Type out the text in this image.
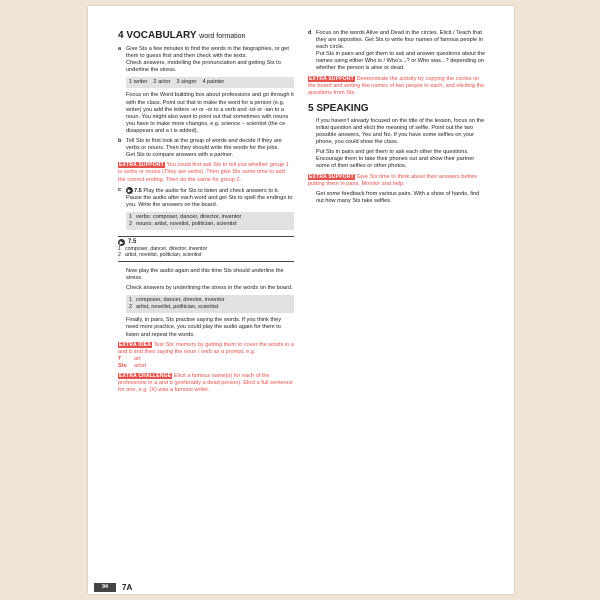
4 VOCABULARY word formation
a Give Sts a few minutes to find the words in the biographies, or get them to guess first and then check with the texts.
Check answers, modelling the pronunciation and getting Sts to underline the stress.
1 writer 2 actor 3 singer 4 painter
Focus on the Word building box about professions and go through it with the class. Point out that to make the word for a person (e.g. writer) you add the letters -er or -or to a verb and -ist or -ian to a noun. You might also want to point out that sometimes with nouns you have to make more changes, e.g. science – scientist (the ce disappears and a t is added).
b Tell Sts to first look at the group of words and decide if they are verbs or nouns. Then they should write the words for the jobs.
Get Sts to compare answers with a partner.
EXTRA SUPPORT You could first ask Sts to tell you whether group 1 is verbs or nouns (They are verbs). Then give Sts some time to add the correct ending. Then do the same for group 2.
c	▶ 7.5 Play the audio for Sts to listen and check answers to b. Pause the audio after each word and get Sts to spell the endings to you. Write the answers on the board.
1 verbs: composer, dancer, director, inventor
2 nouns: artist, novelist, politician, scientist
▶ 7.5
1 composer, dancer, director, inventor
2 artist, novelist, politician, scientist
Now play the audio again and this time Sts should underline the stress.
Check answers by underlining the stress in the words on the board.
1 composer, dancer, director, inventor
2 artist, novelist, politician, scientist
Finally, in pairs, Sts practise saying the words. If you think they need more practice, you could play the audio again for them to listen and repeat the words.
EXTRA IDEA Test Sts' memory by getting them to cover the words in a and b and then saying the noun / verb as a prompt, e.g.
T	art
Sts	artist
EXTRA CHALLENGE Elicit a famous name(s) for each of the professions in a and b (preferably a dead person). Elicit a full sentence for one, e.g. (X) was a famous writer.
d Focus on the words Alive and Dead in the circles. Elicit / Teach that they are opposites. Get Sts to write four names of famous people in each circle.
Put Sts in pairs and get them to ask and answer questions about the names using either Who is / Who's...? or Who was...? depending on whether the person is alive or dead.
EXTRA SUPPORT Demonstrate the activity by copying the circles on the board and writing the names of two people in each, and eliciting the questions from Sts.
5 SPEAKING
If you haven't already focused on the title of the lesson, focus on the initial question and elicit the meaning of selfie. Point out the two possible answers, Yes and No. If you have some selfies on your phone, you could show the class.
Put Sts in pairs and get them to ask each other the questions. Encourage them to take their phones out and show their partner some of their selfies or other photos.
EXTRA SUPPORT Give Sts time to think about their answers before putting them in pairs. Monitor and help.
Get some feedback from various pairs. With a show of hands, find out how many Sts take selfies.
94	7A
